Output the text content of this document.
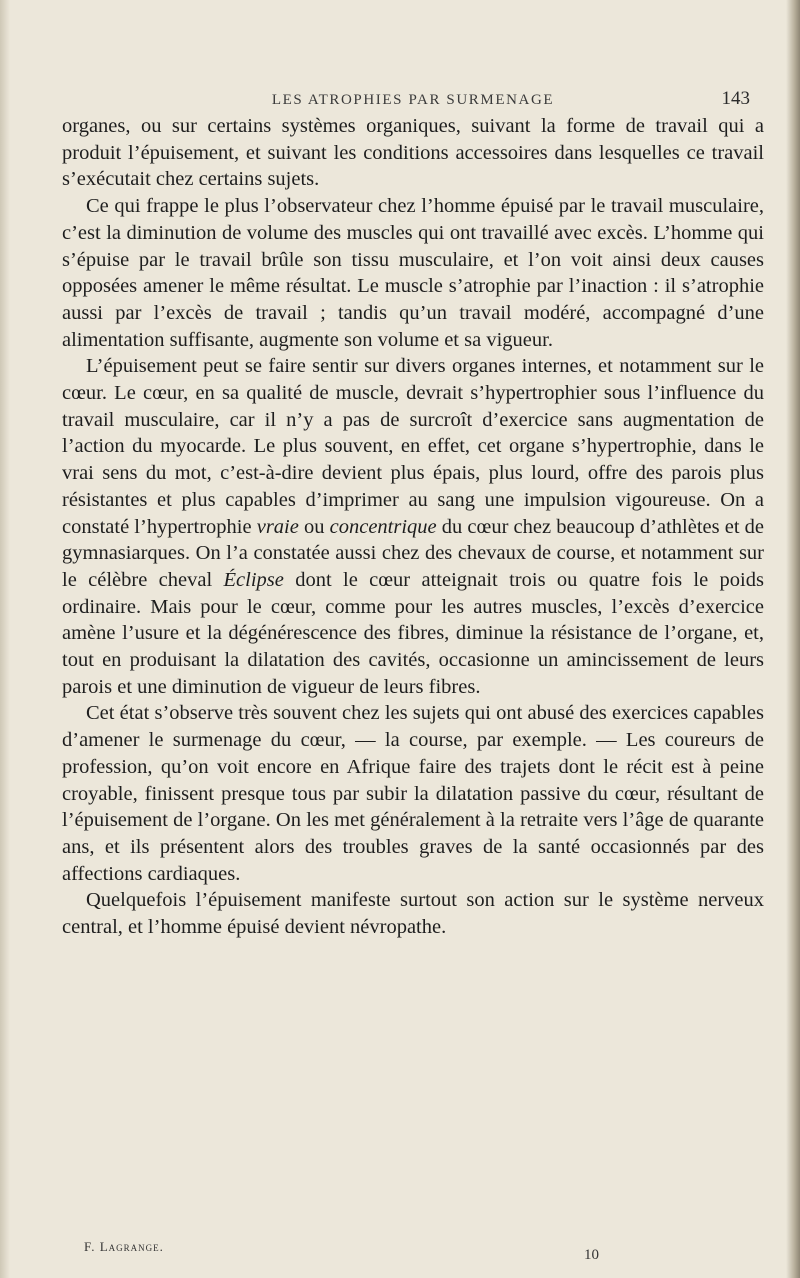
LES ATROPHIES PAR SURMENAGE	143

organes, ou sur certains systèmes organiques, suivant la forme de travail qui a produit l’épuisement, et suivant les conditions accessoires dans lesquelles ce travail s’exécutait chez certains sujets.

Ce qui frappe le plus l’observateur chez l’homme épuisé par le travail musculaire, c’est la diminution de volume des muscles qui ont travaillé avec excès. L’homme qui s’épuise par le travail brûle son tissu musculaire, et l’on voit ainsi deux causes opposées amener le même résultat. Le muscle s’atrophie par l’inaction : il s’atrophie aussi par l’excès de travail ; tandis qu’un travail modéré, accompagné d’une alimentation suffisante, augmente son volume et sa vigueur.

L’épuisement peut se faire sentir sur divers organes internes, et notamment sur le cœur. Le cœur, en sa qualité de muscle, devrait s’hypertrophier sous l’influence du travail musculaire, car il n’y a pas de surcroît d’exercice sans augmentation de l’action du myocarde. Le plus souvent, en effet, cet organe s’hypertrophie, dans le vrai sens du mot, c’est-à-dire devient plus épais, plus lourd, offre des parois plus résistantes et plus capables d’imprimer au sang une impulsion vigoureuse. On a constaté l’hypertrophie vraie ou concentrique du cœur chez beaucoup d’athlètes et de gymnasiarques. On l’a constatée aussi chez des chevaux de course, et notamment sur le célèbre cheval Éclipse dont le cœur atteignait trois ou quatre fois le poids ordinaire. Mais pour le cœur, comme pour les autres muscles, l’excès d’exercice amène l’usure et la dégénérescence des fibres, diminue la résistance de l’organe, et, tout en produisant la dilatation des cavités, occasionne un amincissement de leurs parois et une diminution de vigueur de leurs fibres.

Cet état s’observe très souvent chez les sujets qui ont abusé des exercices capables d’amener le surmenage du cœur, — la course, par exemple. — Les coureurs de profession, qu’on voit encore en Afrique faire des trajets dont le récit est à peine croyable, finissent presque tous par subir la dilatation passive du cœur, résultant de l’épuisement de l’organe. On les met généralement à la retraite vers l’âge de quarante ans, et ils présentent alors des troubles graves de la santé occasionnés par des affections cardiaques.

Quelquefois l’épuisement manifeste surtout son action sur le système nerveux central, et l’homme épuisé devient névropathe.

F. Lagrange.
10
